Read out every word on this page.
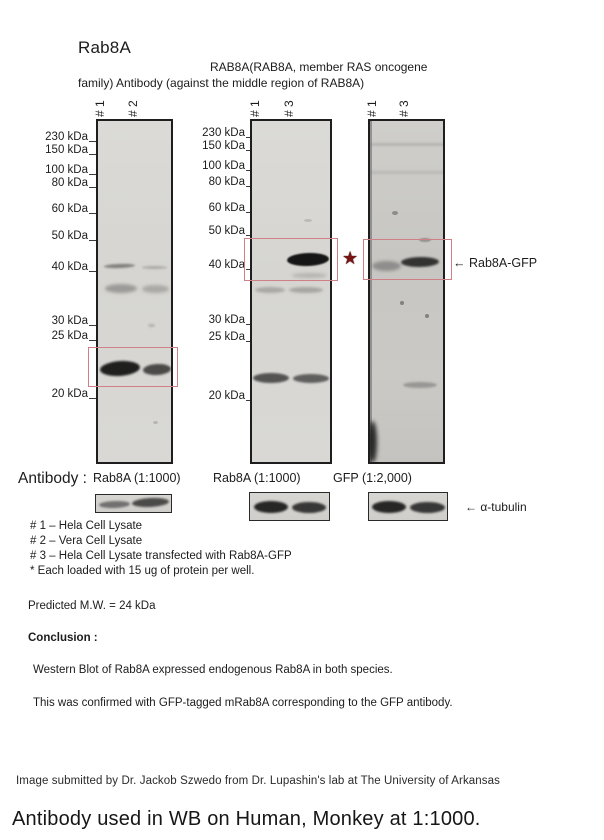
Rab8A
RAB8A(RAB8A, member RAS oncogene
family) Antibody (against the middle region of RAB8A)
# 1 # 2	# 1 # 3	# 1 # 3
230 kDa
150 kDa
100 kDa
80 kDa
60 kDa
50 kDa
40 kDa
30 kDa
25 kDa
20 kDa
230 kDa
150 kDa
100 kDa
80 kDa
60 kDa
50 kDa
40 kDa
30 kDa
25 kDa
20 kDa
★	← Rab8A-GFP
Antibody : Rab8A (1:1000)	Rab8A (1:1000)	GFP (1:2,000)
← α-tubulin
# 1 – Hela Cell Lysate
# 2 – Vera Cell Lysate
# 3 – Hela Cell Lysate transfected with Rab8A-GFP
* Each loaded with 15 ug of protein per well.
Predicted M.W. = 24 kDa
Conclusion :
Western Blot of Rab8A expressed endogenous Rab8A in both species.
This was confirmed with GFP-tagged mRab8A corresponding to the GFP antibody.
Image submitted by Dr. Jackob Szwedo from Dr. Lupashin's lab at The University of Arkansas
Antibody used in WB on Human, Monkey at 1:1000.
